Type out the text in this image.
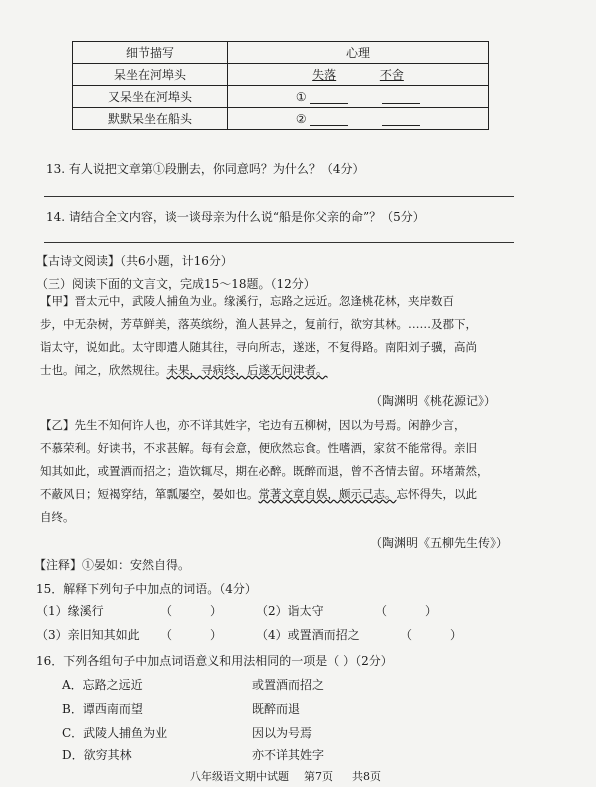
细节描写	心理
呆坐在河埠头	失落 不舍
又呆坐在河埠头	①
默默呆坐在船头	②
13. 有人说把文章第①段删去，你同意吗？为什么？（4分）
14. 请结合全文内容，谈一谈母亲为什么说“船是你父亲的命”？（5分）
【古诗文阅读】（共6小题，计16分）
（三）阅读下面的文言文，完成15～18题。（12分）
【甲】晋太元中，武陵人捕鱼为业。缘溪行，忘路之远近。忽逢桃花林，夹岸数百
步，中无杂树，芳草鲜美，落英缤纷，渔人甚异之，复前行，欲穷其林。……及郡下，
诣太守，说如此。太守即遣人随其往，寻向所志，遂迷，不复得路。南阳刘子骥，高尚
士也。闻之，欣然规往。未果，寻病终，后遂无问津者。
（陶渊明《桃花源记》）
【乙】先生不知何许人也，亦不详其姓字，宅边有五柳树，因以为号焉。闲静少言，
不慕荣利。好读书，不求甚解。每有会意，便欣然忘食。性嗜酒，家贫不能常得。亲旧
知其如此，或置酒而招之；造饮辄尽，期在必醉。既醉而退，曾不吝情去留。环堵萧然，
不蔽风日；短褐穿结，箪瓢屡空，晏如也。常著文章自娱，颇示己志。忘怀得失，以此
自终。
（陶渊明《五柳先生传》）
【注释】①晏如：安然自得。
15．解释下列句子中加点的词语。（4分）
（1）缘溪行	（	）	（2）诣太守	（	）
（3）亲旧知其如此 （	）	（4）或置酒而招之	（	）
16．下列各组句子中加点词语意义和用法相同的一项是（ ）（2分）
A．忘路之远近	或置酒而招之
B．谭西南而望	既醉而退
C．武陵人捕鱼为业	因以为号焉
D．欲穷其林	亦不详其姓字
八年级语文期中试题 第7页 共8页
